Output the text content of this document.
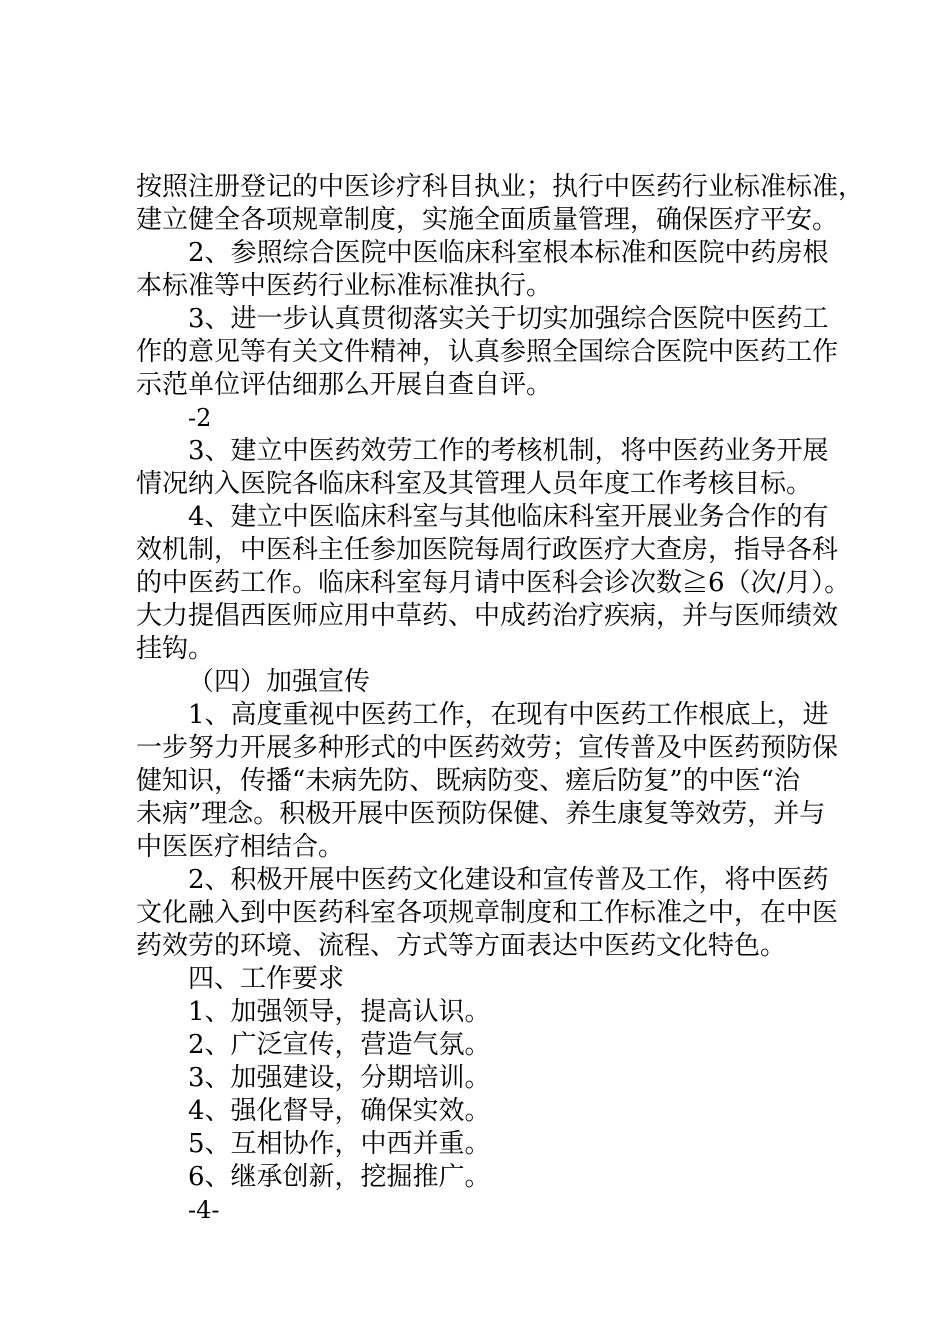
按照注册登记的中医诊疗科目执业；执行中医药行业标准标准，
建立健全各项规章制度，实施全面质量管理，确保医疗平安。
2、参照综合医院中医临床科室根本标准和医院中药房根
本标准等中医药行业标准标准执行。
3、进一步认真贯彻落实关于切实加强综合医院中医药工
作的意见等有关文件精神，认真参照全国综合医院中医药工作
示范单位评估细那么开展自查自评。
-2
3、建立中医药效劳工作的考核机制，将中医药业务开展
情况纳入医院各临床科室及其管理人员年度工作考核目标。
4、建立中医临床科室与其他临床科室开展业务合作的有
效机制，中医科主任参加医院每周行政医疗大查房，指导各科
的中医药工作。临床科室每月请中医科会诊次数≧6（次/月）。
大力提倡西医师应用中草药、中成药治疗疾病，并与医师绩效
挂钩。
（四）加强宣传
1、高度重视中医药工作，在现有中医药工作根底上，进
一步努力开展多种形式的中医药效劳；宣传普及中医药预防保
健知识，传播“未病先防、既病防变、瘥后防复”的中医“治
未病”理念。积极开展中医预防保健、养生康复等效劳，并与
中医医疗相结合。
2、积极开展中医药文化建设和宣传普及工作，将中医药
文化融入到中医药科室各项规章制度和工作标准之中，在中医
药效劳的环境、流程、方式等方面表达中医药文化特色。
四、工作要求
1、加强领导，提高认识。
2、广泛宣传，营造气氛。
3、加强建设，分期培训。
4、强化督导，确保实效。
5、互相协作，中西并重。
6、继承创新，挖掘推广。
-4-
